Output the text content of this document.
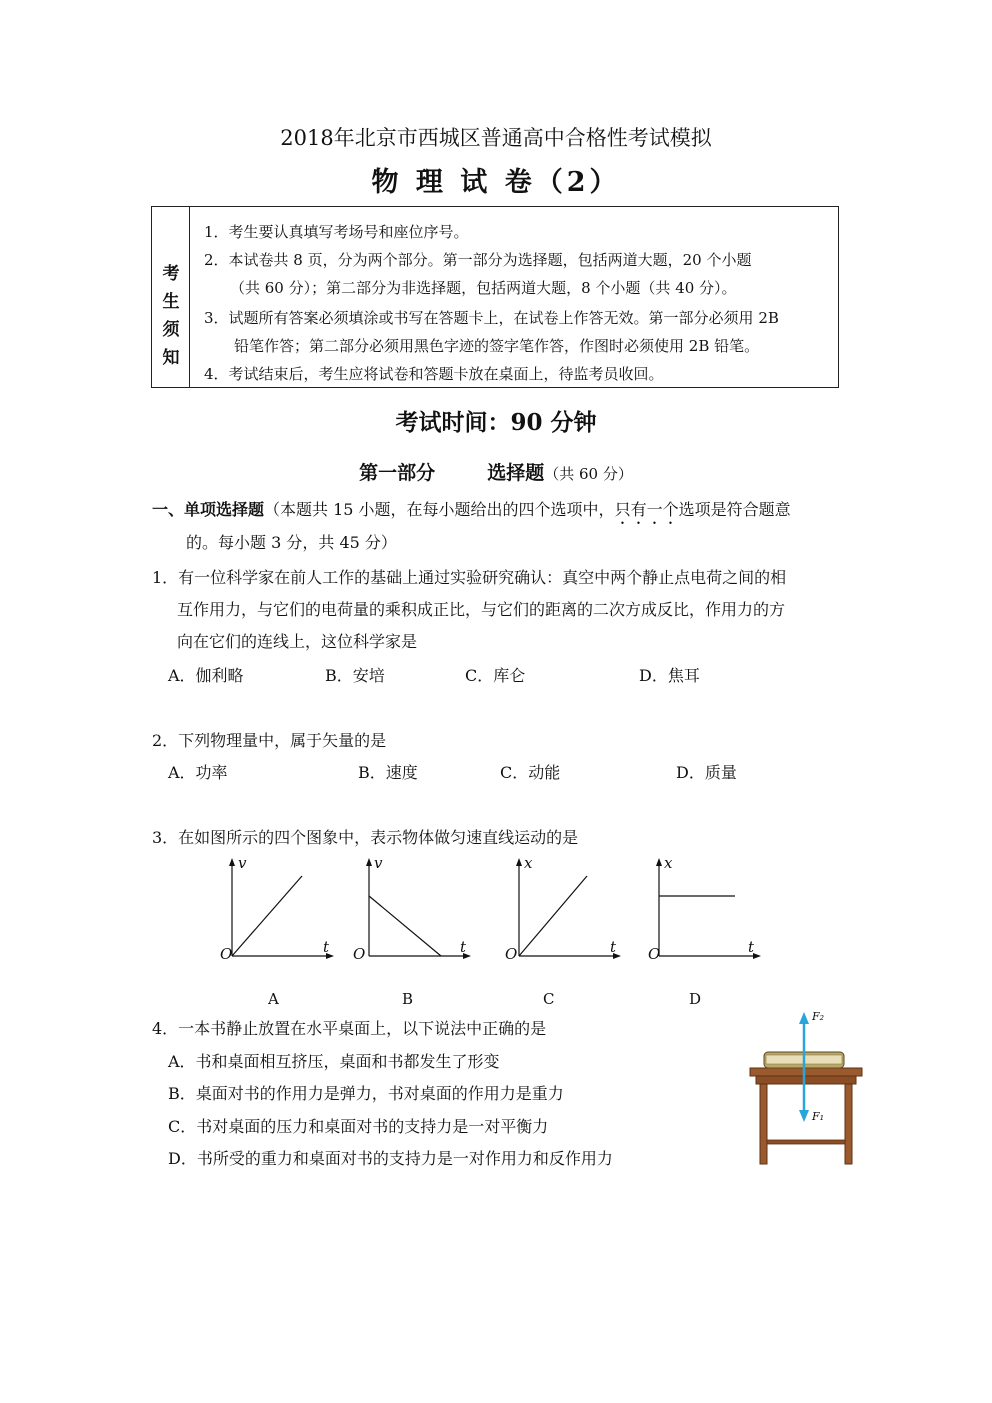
2018年北京市西城区普通高中合格性考试模拟
物 理 试 卷（2）
考
生
须
知
1．考生要认真填写考场号和座位序号。
2．本试卷共 8 页，分为两个部分。第一部分为选择题，包括两道大题，20 个小题
（共 60 分）；第二部分为非选择题，包括两道大题，8 个小题（共 40 分）。
3．试题所有答案必须填涂或书写在答题卡上，在试卷上作答无效。第一部分必须用 2B
铅笔作答；第二部分必须用黑色字迹的签字笔作答，作图时必须使用 2B 铅笔。
4．考试结束后，考生应将试卷和答题卡放在桌面上，待监考员收回。
考试时间：90 分钟
第一部分	选择题（共 60 分）
一、单项选择题（本题共 15 小题，在每小题给出的四个选项中，只有一个选项是符合题意
的。每小题 3 分，共 45 分）
1．有一位科学家在前人工作的基础上通过实验研究确认：真空中两个静止点电荷之间的相
互作用力，与它们的电荷量的乘积成正比，与它们的距离的二次方成反比，作用力的方
向在它们的连线上，这位科学家是
A．伽利略	B．安培	C．库仑	D．焦耳
2．下列物理量中，属于矢量的是
A．功率	B．速度	C．动能	D．质量
3．在如图所示的四个图象中，表示物体做匀速直线运动的是
v
t
O
A
v
t
O
B
x
t
O
C
x
t
O
D
4．一本书静止放置在水平桌面上，以下说法中正确的是
A．书和桌面相互挤压，桌面和书都发生了形变
B．桌面对书的作用力是弹力，书对桌面的作用力是重力
C．书对桌面的压力和桌面对书的支持力是一对平衡力
D．书所受的重力和桌面对书的支持力是一对作用力和反作用力
F₂
F₁
